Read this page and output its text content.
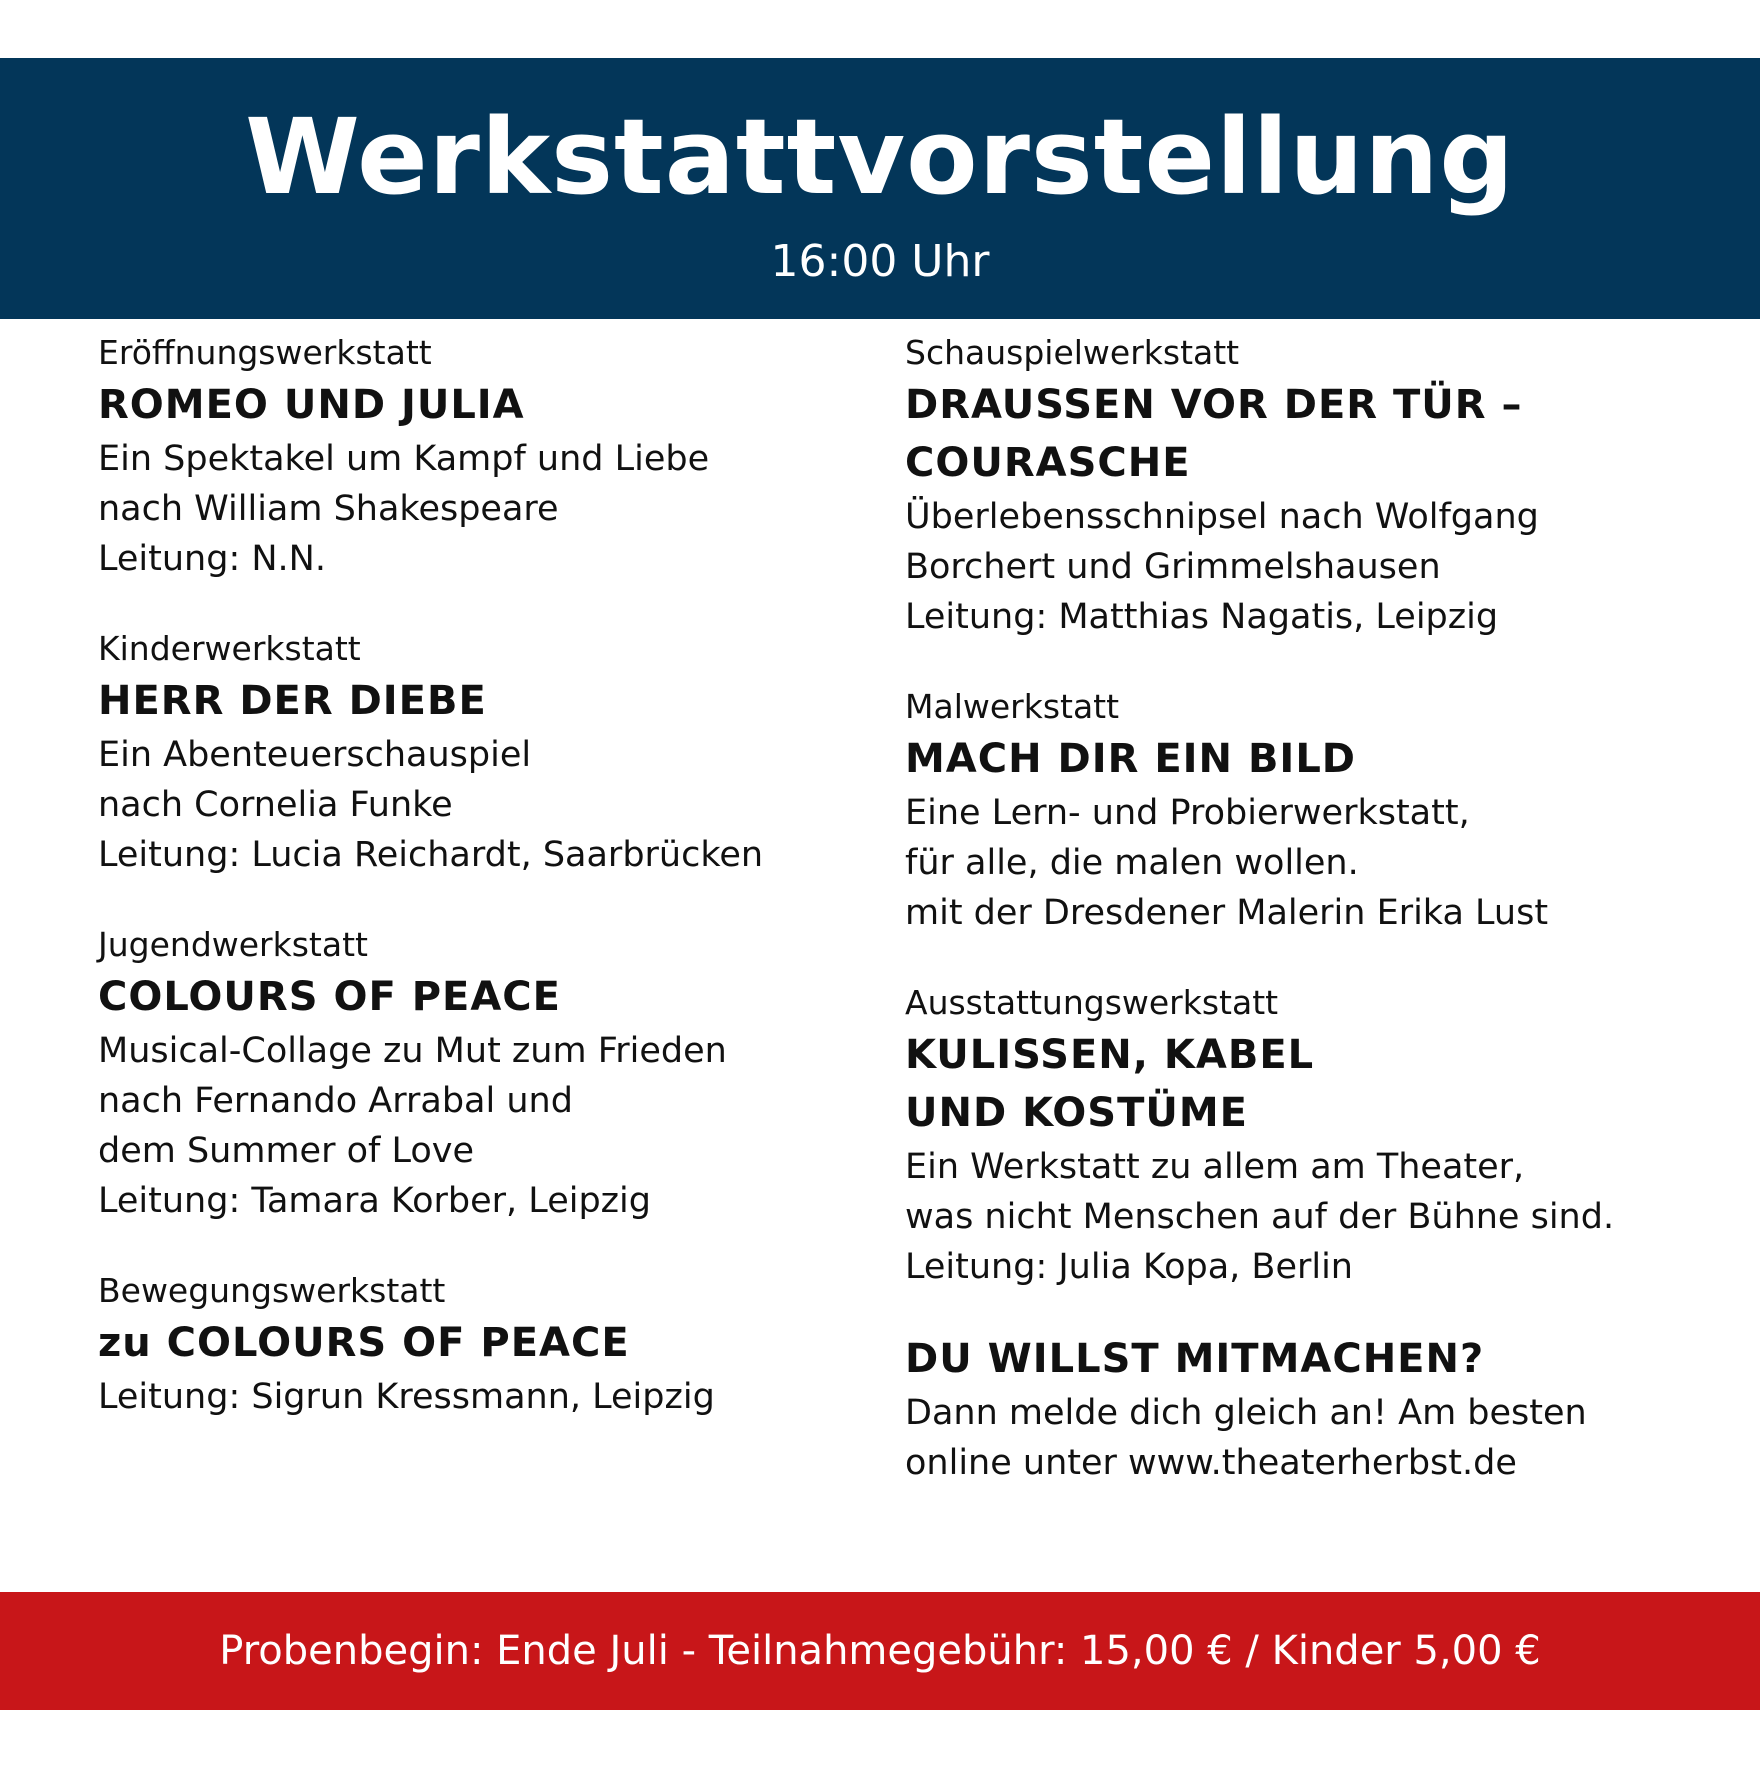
Werkstattvorstellung
16:00 Uhr
Eröffnungswerkstatt
ROMEO UND JULIA
Ein Spektakel um Kampf und Liebe
nach William Shakespeare
Leitung: N.N.
Kinderwerkstatt
HERR DER DIEBE
Ein Abenteuerschauspiel
nach Cornelia Funke
Leitung: Lucia Reichardt, Saarbrücken
Jugendwerkstatt
COLOURS OF PEACE
Musical-Collage zu Mut zum Frieden
nach Fernando Arrabal und
dem Summer of Love
Leitung: Tamara Korber, Leipzig
Bewegungswerkstatt
zu COLOURS OF PEACE
Leitung: Sigrun Kressmann, Leipzig
Schauspielwerkstatt
DRAUSSEN VOR DER TÜR –
COURASCHE
Überlebensschnipsel nach Wolfgang
Borchert und Grimmelshausen
Leitung: Matthias Nagatis, Leipzig
Malwerkstatt
MACH DIR EIN BILD
Eine Lern- und Probierwerkstatt,
für alle, die malen wollen.
mit der Dresdener Malerin Erika Lust
Ausstattungswerkstatt
KULISSEN, KABEL
UND KOSTÜME
Ein Werkstatt zu allem am Theater,
was nicht Menschen auf der Bühne sind.
Leitung: Julia Kopa, Berlin
DU WILLST MITMACHEN?
Dann melde dich gleich an! Am besten
online unter www.theaterherbst.de
Probenbegin: Ende Juli - Teilnahmegebühr: 15,00 € / Kinder 5,00 €
